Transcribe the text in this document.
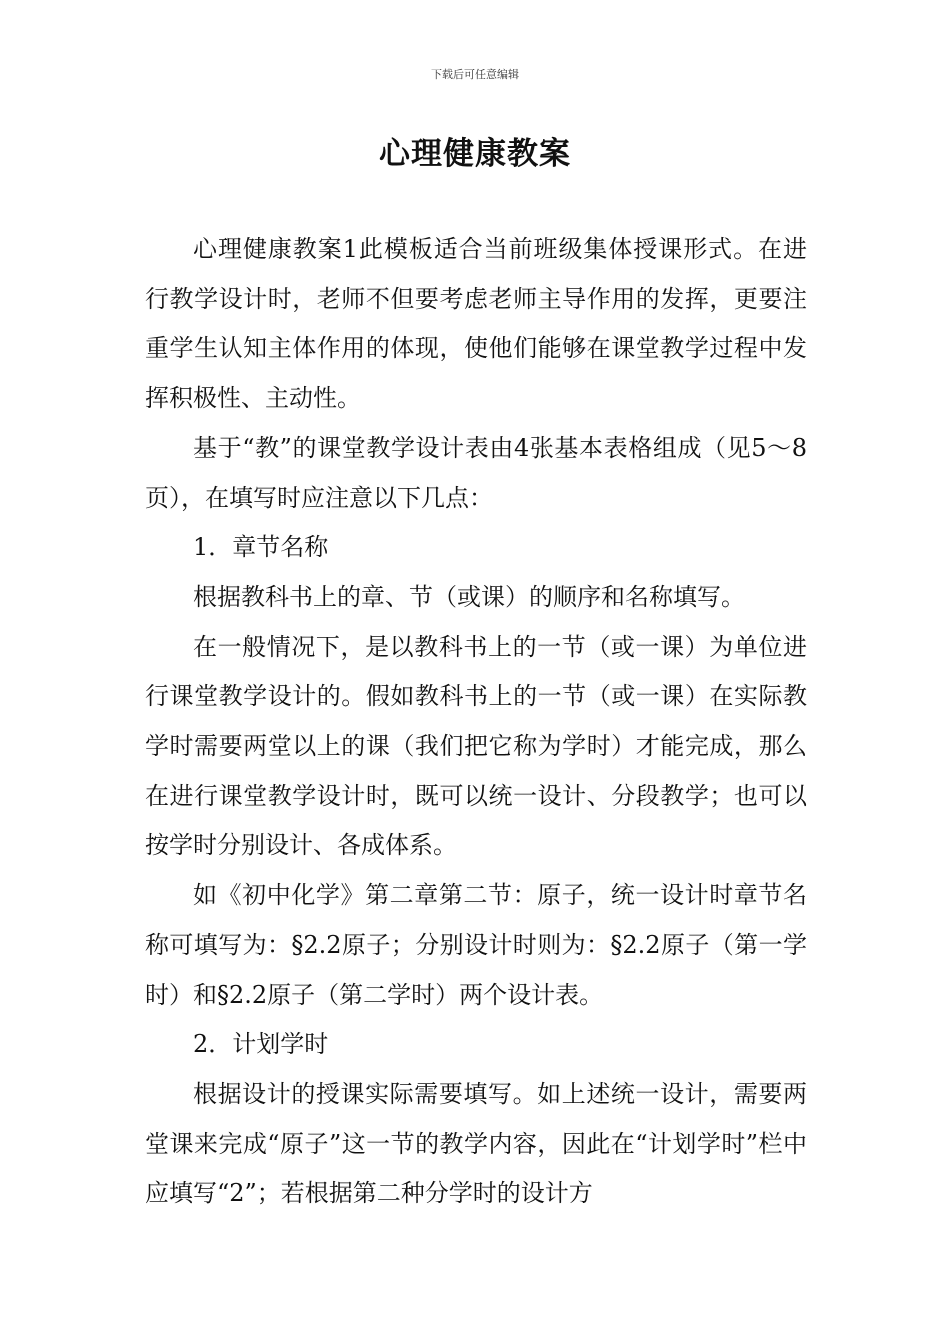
下载后可任意编辑
心理健康教案

心理健康教案1此模板适合当前班级集体授课形式。在进行教学设计时，老师不但要考虑老师主导作用的发挥，更要注重学生认知主体作用的体现，使他们能够在课堂教学过程中发挥积极性、主动性。

基于“教”的课堂教学设计表由4张基本表格组成（见5～8页），在填写时应注意以下几点：

1．章节名称

根据教科书上的章、节（或课）的顺序和名称填写。

在一般情况下，是以教科书上的一节（或一课）为单位进行课堂教学设计的。假如教科书上的一节（或一课）在实际教学时需要两堂以上的课（我们把它称为学时）才能完成，那么在进行课堂教学设计时，既可以统一设计、分段教学；也可以按学时分别设计、各成体系。

如《初中化学》第二章第二节：原子，统一设计时章节名称可填写为：§2.2原子；分别设计时则为：§2.2原子（第一学时）和§2.2原子（第二学时）两个设计表。

2．计划学时

根据设计的授课实际需要填写。如上述统一设计，需要两堂课来完成“原子”这一节的教学内容，因此在“计划学时”栏中应填写“2”；若根据第二种分学时的设计方
